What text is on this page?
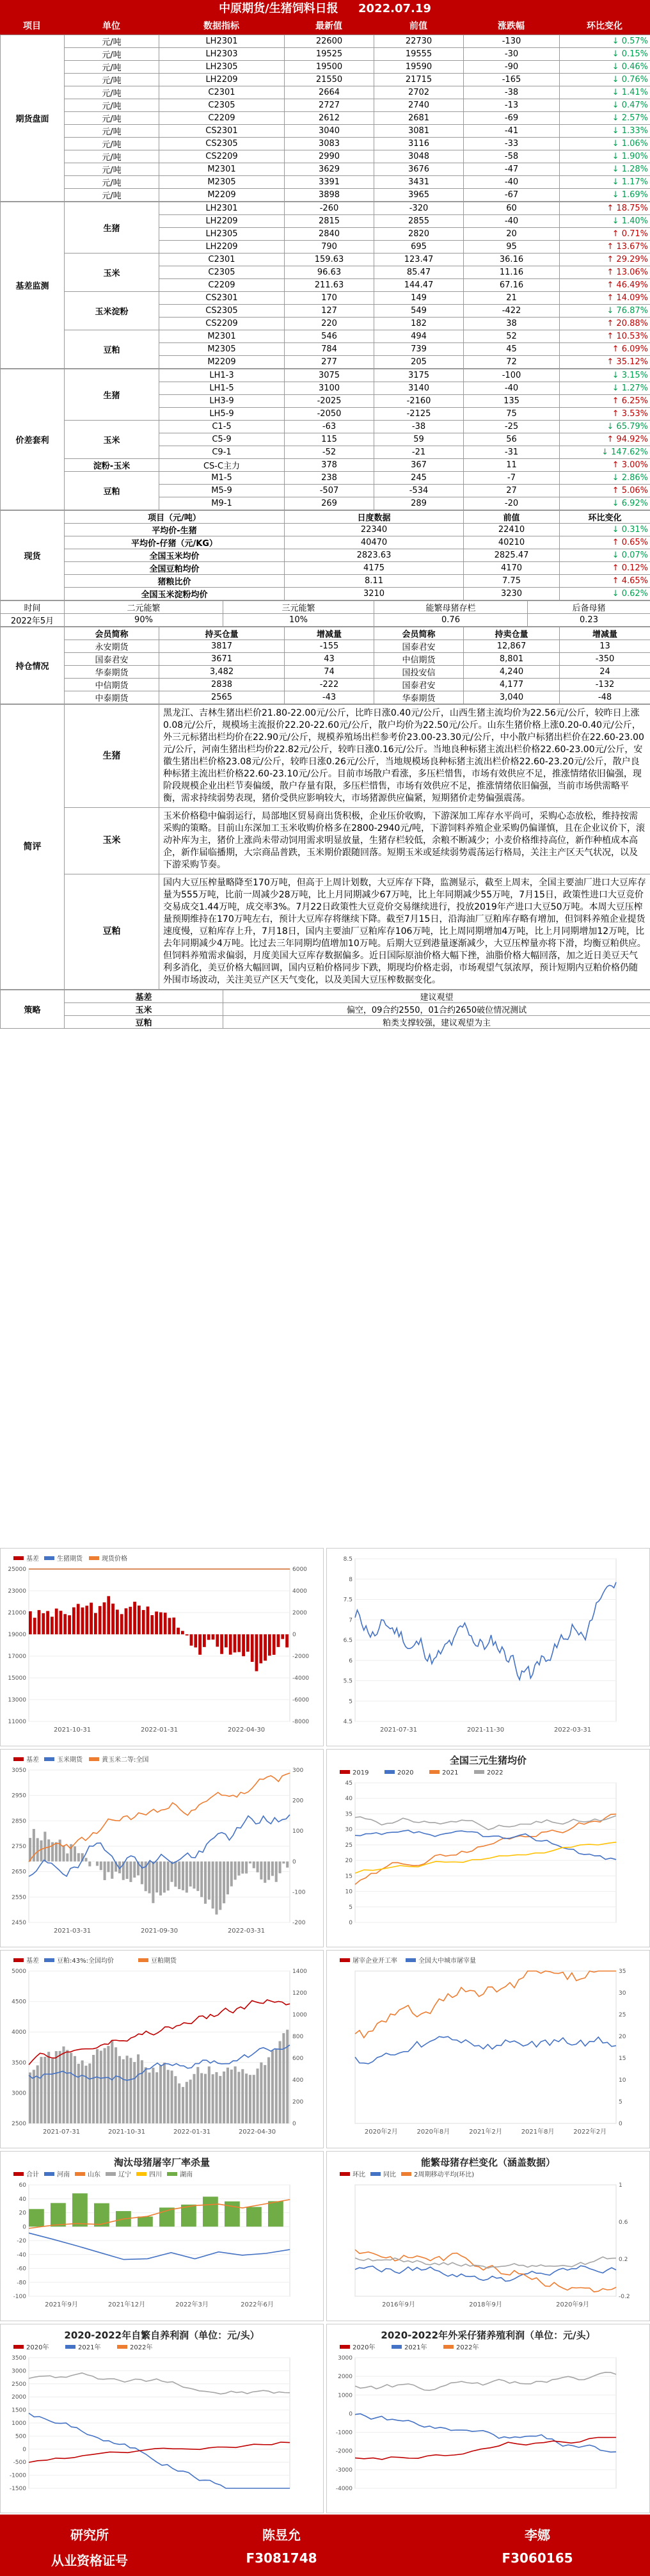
中原期货/生猪饲料日报 2022.07.19
项目	单位	数据指标	最新值	前值	涨跌幅	环比变化
期货盘面	元/吨	LH2301	22600	22730	-130	↓ 0.57%
	元/吨	LH2303	19525	19555	-30	↓ 0.15%
	元/吨	LH2305	19500	19590	-90	↓ 0.46%
	元/吨	LH2209	21550	21715	-165	↓ 0.76%
	元/吨	C2301	2664	2702	-38	↓ 1.41%
	元/吨	C2305	2727	2740	-13	↓ 0.47%
	元/吨	C2209	2612	2681	-69	↓ 2.57%
	元/吨	CS2301	3040	3081	-41	↓ 1.33%
	元/吨	CS2305	3083	3116	-33	↓ 1.06%
	元/吨	CS2209	2990	3048	-58	↓ 1.90%
	元/吨	M2301	3629	3676	-47	↓ 1.28%
	元/吨	M2305	3391	3431	-40	↓ 1.17%
	元/吨	M2209	3898	3965	-67	↓ 1.69%
基差监测	生猪	LH2301	-260	-320	60	↑ 18.75%
		LH2209	2815	2855	-40	↓ 1.40%
		LH2305	2840	2820	20	↑ 0.71%
		LH2209	790	695	95	↑ 13.67%
	玉米	C2301	159.63	123.47	36.16	↑ 29.29%
		C2305	96.63	85.47	11.16	↑ 13.06%
		C2209	211.63	144.47	67.16	↑ 46.49%
	玉米淀粉	CS2301	170	149	21	↑ 14.09%
		CS2305	127	549	-422	↓ 76.87%
		CS2209	220	182	38	↑ 20.88%
	豆粕	M2301	546	494	52	↑ 10.53%
		M2305	784	739	45	↑ 6.09%
		M2209	277	205	72	↑ 35.12%
价差套利	生猪	LH1-3	3075	3175	-100	↓ 3.15%
		LH1-5	3100	3140	-40	↓ 1.27%
		LH3-9	-2025	-2160	135	↑ 6.25%
		LH5-9	-2050	-2125	75	↑ 3.53%
	玉米	C1-5	-63	-38	-25	↓ 65.79%
		C5-9	115	59	56	↑ 94.92%
		C9-1	-52	-21	-31	↓ 147.62%
	淀粉-玉米	CS-C主力	378	367	11	↑ 3.00%
	豆粕	M1-5	238	245	-7	↓ 2.86%
		M5-9	-507	-534	27	↑ 5.06%
		M9-1	269	289	-20	↓ 6.92%
现货	项目（元/吨）	日度数据	前值	环比变化
	平均价-生猪	22340	22410	↓ 0.31%
	平均价-仔猪（元/KG）	40470	40210	↑ 0.65%
	全国玉米均价	2823.63	2825.47	↓ 0.07%
	全国豆粕均价	4175	4170	↑ 0.12%
	猪粮比价	8.11	7.75	↑ 4.65%
	全国玉米淀粉均价	3210	3230	↓ 0.62%
时间	二元能繁	三元能繁	能繁母猪存栏	后备母猪
2022年5月	90%	10%	0.76	0.23
持仓情况	会员简称	持买仓量	增减量	会员简称	持卖仓量	增减量
	永安期货	3817	-155	国泰君安	12,867	13
	国泰君安	3671	43	中信期货	8,801	-350
	华泰期货	3,482	74	国投安信	4,240	24
	中信期货	2838	-222	国泰君安	4,177	-132
	中泰期货	2565	-43	华泰期货	3,040	-48
简评	生猪	黑龙江、吉林生猪出栏价21.80-22.00元/公斤，比昨日涨0.40元/公斤，山西生猪主流均价为22.56元/公斤，较昨日上涨0.08元/公斤，规模场主流报价22.20-22.60元/公斤，散户均价为22.50元/公斤。山东生猪价格上涨0.20-0.40元/公斤，外三元标猪出栏均价在22.90元/公斤，规模养殖场出栏参考价23.00-23.30元/公斤，中小散户标猪出栏价在22.60-23.00元/公斤，河南生猪出栏均价22.82元/公斤，较昨日涨0.16元/公斤。当地良种标猪主流出栏价格22.60-23.00元/公斤，安徽生猪出栏价格23.08元/公斤，较昨日涨0.26元/公斤，当地规模场良种标猪主流出栏价格22.60-23.20元/公斤，散户良种标猪主流出栏价格22.60-23.10元/公斤。目前市场散户看涨，多压栏惜售，市场有效供应不足，推涨情绪依旧偏强，现阶段规模企业出栏节奏偏缓，散户存量有限，多压栏惜售，市场有效供应不足，推涨情绪依旧偏强，当前市场供需略平衡，需求持续弱势表现，猪价受供应影响较大，市场猪源供应偏紧，短期猪价走势偏强震荡。
	玉米	玉米价格稳中偏弱运行，局部地区贸易商出货积极，企业压价收购，下游深加工库存水平尚可，采购心态放松，维持按需采购的策略。目前山东深加工玉米收购价格多在2800-2940元/吨，下游饲料养殖企业采购仍偏谨慎，且在企业议价下，滚动补库为主，猪价上涨尚未带动饲用需求明显放量，生猪存栏较低，余粮不断减少；小麦价格维持高位，新作种植成本高企，新作届临播期，大宗商品普跌，玉米期价跟随回落。短期玉米或延续弱势震荡运行格局，关注主产区天气状况，以及下游采购节奏。
	豆粕	国内大豆压榨量略降至170万吨，但高于上周计划数，大豆库存下降，监测显示，截至上周末，全国主要油厂进口大豆库存量为555万吨，比前一周减少28万吨，比上月同期减少67万吨，比上年同期减少55万吨，7月15日，政策性进口大豆竞价交易成交1.44万吨，成交率3%。7月22日政策性大豆竞价交易继续进行，投放2019年产进口大豆50万吨。本周大豆压榨量预期维持在170万吨左右，预计大豆库存将继续下降。截至7月15日，沿海油厂豆粕库存略有增加，但饲料养殖企业提货速度慢，豆粕库存上升，7月18日，国内主要油厂豆粕库存106万吨，比上周同期增加4万吨，比上月同期增加12万吨，比去年同期减少4万吨。比过去三年同期均值增加10万吨。后期大豆到港量逐渐减少，大豆压榨量亦将下滑，均衡豆粕供应。但饲料养殖需求偏弱，月度美国大豆库存数据偏多。近日国际原油价格大幅下挫，油脂价格大幅回落，加之近日美豆天气利多消化，美豆价格大幅回调，国内豆粕价格同步下跌，期现均价格走弱，市场观望气氛浓厚，预计短期内豆粕价格仍随外围市场波动，关注美豆产区天气变化，以及美国大豆压榨数据变化。
策略	基差	建议观望
	玉米	偏空，09合约2550，01合约2650破位情况测试
	豆粕	粕类支撑较强，建议观望为主
基差	生猪期货	现货价格
25000
23000
21000
19000
17000
15000
13000
11000
6000
4000
2000
0
-2000
-4000
-6000
-8000
2021-10-31	2022-01-31	2022-04-30
8.5
8
7.5
7
6.5
6
5.5
5
4.5
2021-07-31	2021-11-30	2022-03-31
基差	玉米期货	黄玉米二等:全国
3050
2950
2850
2750
2650
2550
2450
300
200
100
0
-100
-200
2021-03-31	2021-09-30	2022-03-31
全国三元生猪均价
2019	2020	2021	2022
45
40
35
30
25
20
15
10
5
0
基差	豆粕:43%:全国均价	豆粕期货
5000
4500
4000
3500
3000
2500
1400
1200
1000
800
600
400
200
0
2021-07-31	2021-10-31	2022-01-31	2022-04-30
屠宰企业开工率	全国大中城市屠宰量
35
30
25
20
15
10
5
0
2020年2月	2020年8月	2021年2月	2021年8月	2022年2月
淘汰母猪屠宰厂率杀量
合计	河南	山东	辽宁	四川	湖南
60
40
20
0
-20
-40
-60
-80
-100
2021年9月	2021年12月	2022年3月	2022年6月
能繁母猪存栏变化（涵盖数据）
环比	同比	2周期移动平均(环比)
1
0.6
0.2
-0.2
2016年9月	2018年9月	2020年9月
2020-2022年自繁自养利润（单位：元/头）
2020年	2021年	2022年
3500
3000
2500
2000
1500
1000
500
0
-500
-1000
-1500
2020-2022年外采仔猪养殖利润（单位：元/头）
2020年	2021年	2022年
3000
2000
1000
0
-1000
-2000
-3000
-4000
研究所
从业资格证号
陈昱允
F3081748
李娜
F3060165
